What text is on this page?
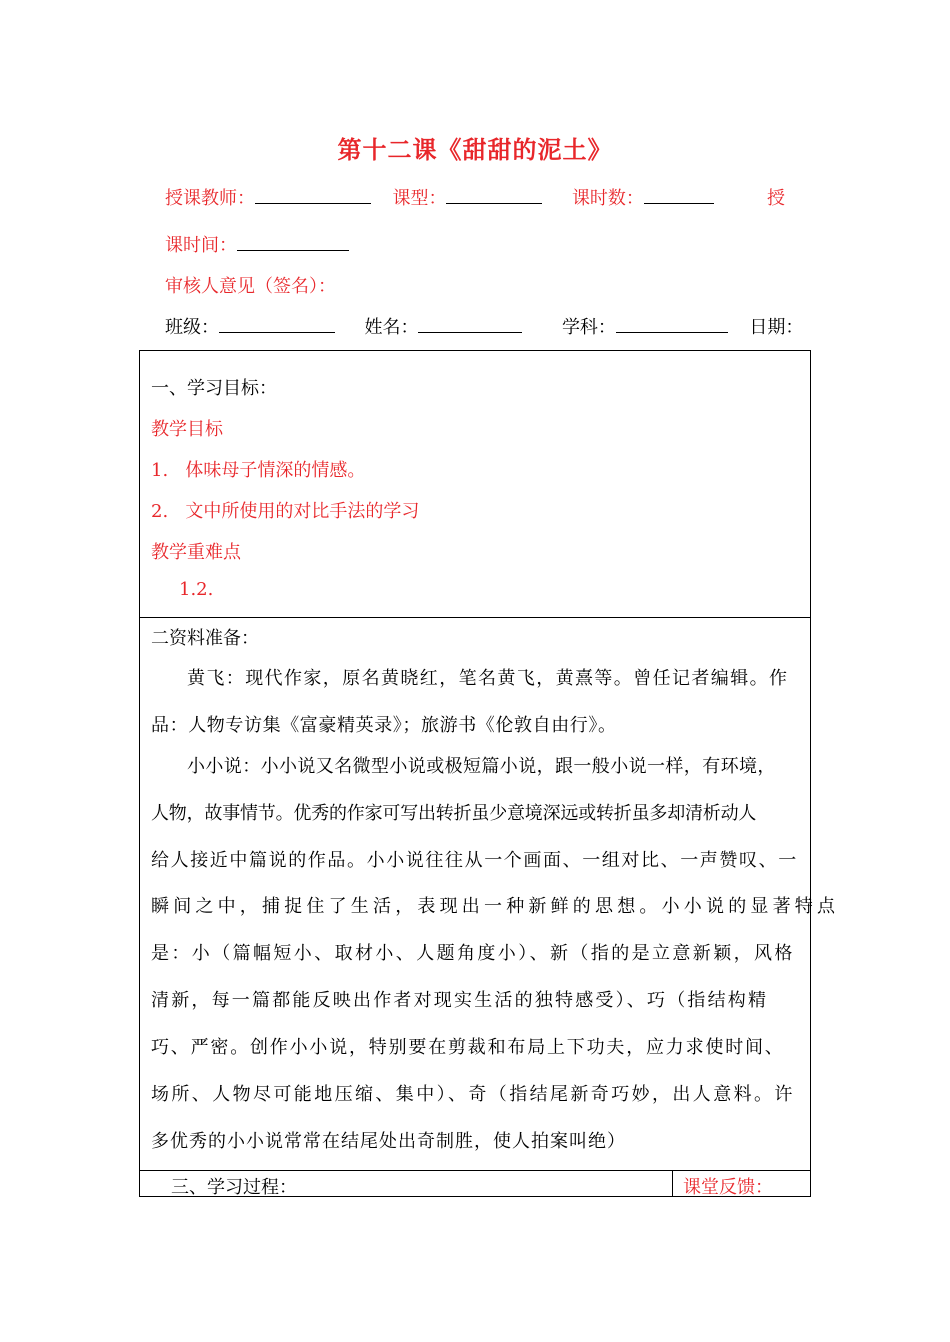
第十二课《甜甜的泥土》
授课教师：	课型：	课时数：	授
课时间：
审核人意见（签名）：
班级：	姓名：	学科：	日期：
一、学习目标：
教学目标
1.   体味母子情深的情感。
2.   文中所使用的对比手法的学习
教学重难点
1.2.
二资料准备：
黄飞：现代作家，原名黄晓红，笔名黄飞，黄熹等。曾任记者编辑。作
品：人物专访集《富豪精英录》；旅游书《伦敦自由行》。
小小说：小小说又名微型小说或极短篇小说，跟一般小说一样，有环境，
人物，故事情节。优秀的作家可写出转折虽少意境深远或转折虽多却清析动人
给人接近中篇说的作品。小小说往往从一个画面、一组对比、一声赞叹、一
瞬间之中，捕捉住了生活，表现出一种新鲜的思想。小小说的显著特点
是：小（篇幅短小、取材小、人题角度小）、新（指的是立意新颖，风格
清新，每一篇都能反映出作者对现实生活的独特感受）、巧（指结构精
巧、严密。创作小小说，特别要在剪裁和布局上下功夫，应力求使时间、
场所、人物尽可能地压缩、集中）、奇（指结尾新奇巧妙，出人意料。许
多优秀的小小说常常在结尾处出奇制胜，使人拍案叫绝）
三、学习过程：	课堂反馈：
